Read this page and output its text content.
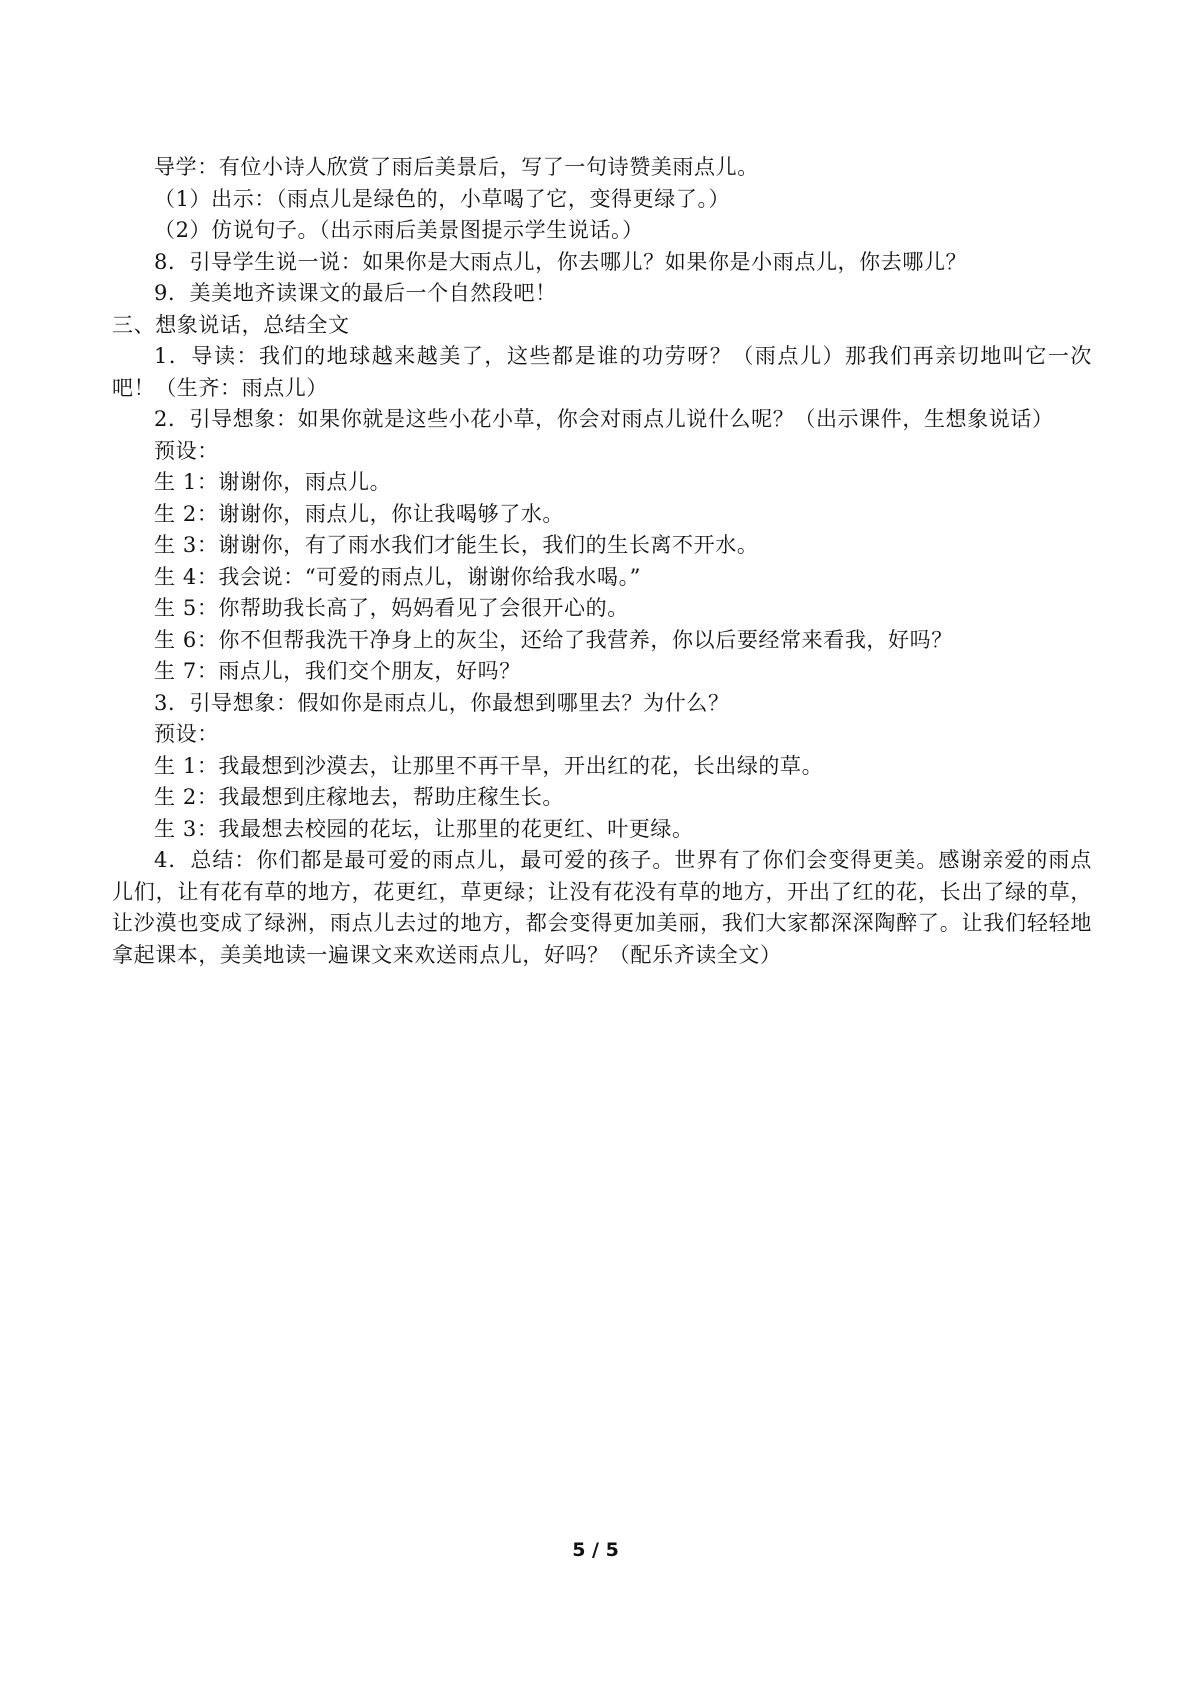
导学：有位小诗人欣赏了雨后美景后，写了一句诗赞美雨点儿。

（1）出示：（雨点儿是绿色的，小草喝了它，变得更绿了。）

（2）仿说句子。（出示雨后美景图提示学生说话。）

8．引导学生说一说：如果你是大雨点儿，你去哪儿？如果你是小雨点儿，你去哪儿？

9．美美地齐读课文的最后一个自然段吧！

三、想象说话，总结全文

1．导读：我们的地球越来越美了，这些都是谁的功劳呀？（雨点儿）那我们再亲切地叫它一次吧！（生齐：雨点儿）

2．引导想象：如果你就是这些小花小草，你会对雨点儿说什么呢？（出示课件，生想象说话）

预设：

生 1：谢谢你，雨点儿。

生 2：谢谢你，雨点儿，你让我喝够了水。

生 3：谢谢你，有了雨水我们才能生长，我们的生长离不开水。

生 4：我会说：“可爱的雨点儿，谢谢你给我水喝。”

生 5：你帮助我长高了，妈妈看见了会很开心的。

生 6：你不但帮我洗干净身上的灰尘，还给了我营养，你以后要经常来看我，好吗？

生 7：雨点儿，我们交个朋友，好吗？

3．引导想象：假如你是雨点儿，你最想到哪里去？为什么？

预设：

生 1：我最想到沙漠去，让那里不再干旱，开出红的花，长出绿的草。

生 2：我最想到庄稼地去，帮助庄稼生长。

生 3：我最想去校园的花坛，让那里的花更红、叶更绿。

4．总结：你们都是最可爱的雨点儿，最可爱的孩子。世界有了你们会变得更美。感谢亲爱的雨点儿们，让有花有草的地方，花更红，草更绿；让没有花没有草的地方，开出了红的花，长出了绿的草，让沙漠也变成了绿洲，雨点儿去过的地方，都会变得更加美丽，我们大家都深深陶醉了。让我们轻轻地拿起课本，美美地读一遍课文来欢送雨点儿，好吗？（配乐齐读全文）

5 / 5
